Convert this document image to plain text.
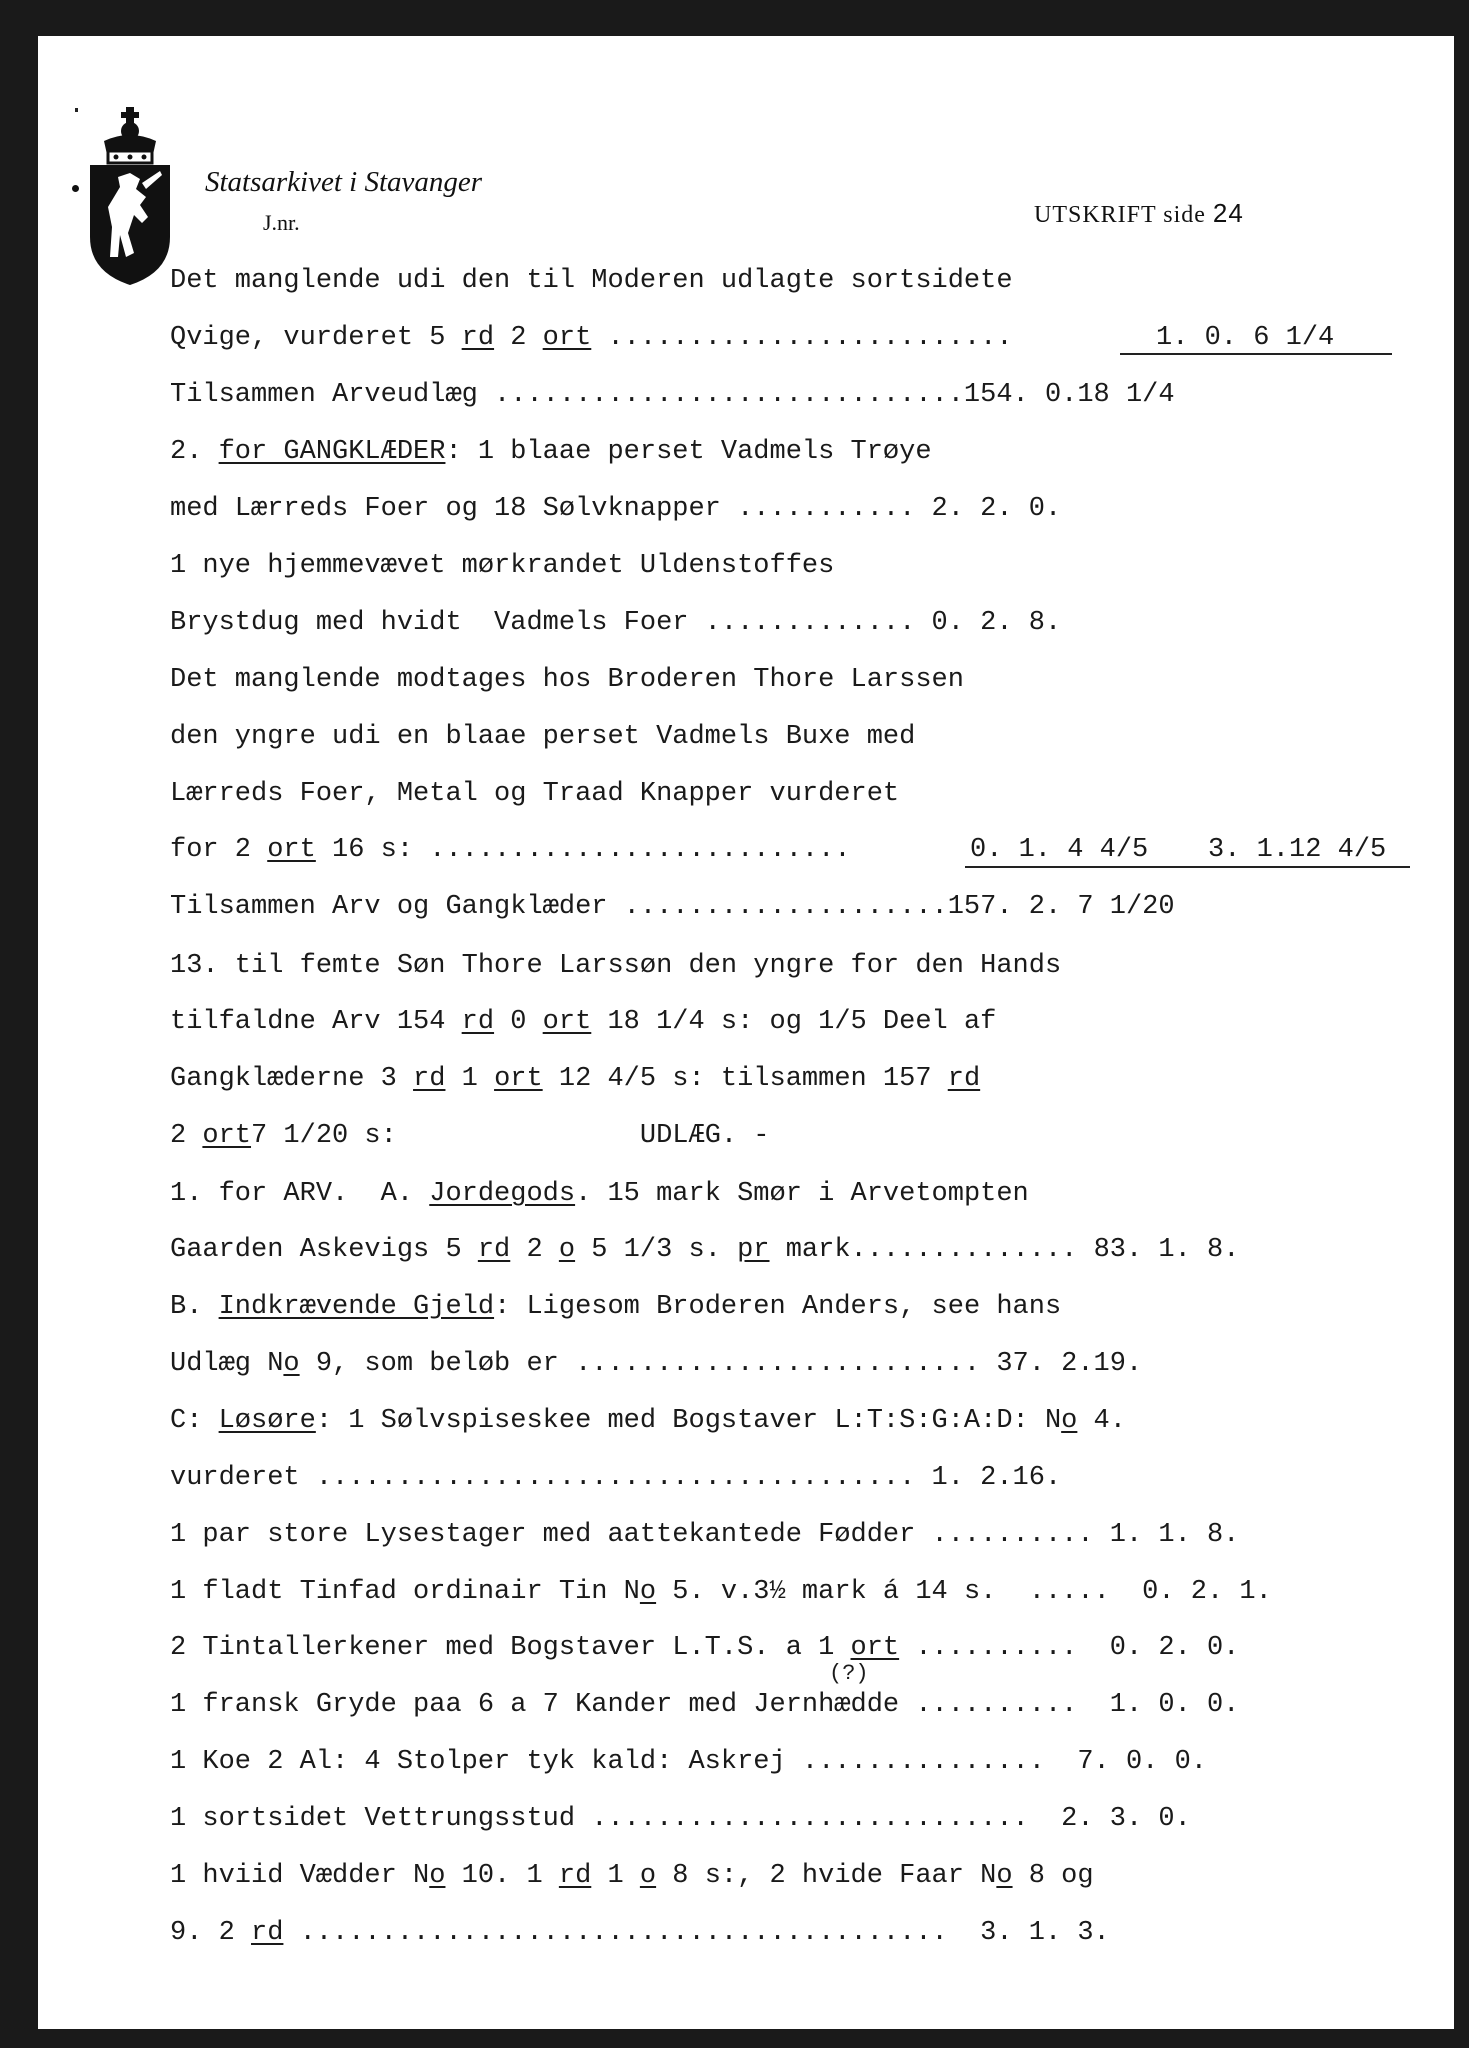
Statsarkivet i Stavanger
J.nr.	UTSKRIFT side 24
Det manglende udi den til Moderen udlagte sortsidete
Qvige, vurderet 5 rd 2 ort .........................	1. 0. 6 1/4
Tilsammen Arveudlæg .............................154. 0.18 1/4
2. for GANGKLÆDER: 1 blaae perset Vadmels Trøye
med Lærreds Foer og 18 Sølvknapper ........... 2. 2. 0.
1 nye hjemmevævet mørkrandet Uldenstoffes
Brystdug med hvidt  Vadmels Foer ............. 0. 2. 8.
Det manglende modtages hos Broderen Thore Larssen
den yngre udi en blaae perset Vadmels Buxe med
Lærreds Foer, Metal og Traad Knapper vurderet
for 2 ort 16 s: ..........................	0. 1. 4 4/5 3. 1.12 4/5
Tilsammen Arv og Gangklæder ....................157. 2. 7 1/20
13. til femte Søn Thore Larssøn den yngre for den Hands
tilfaldne Arv 154 rd 0 ort 18 1/4 s: og 1/5 Deel af
Gangklæderne 3 rd 1 ort 12 4/5 s: tilsammen 157 rd
2 ort7 1/20 s:               UDLÆG. -
1. for ARV.  A. Jordegods. 15 mark Smør i Arvetompten
Gaarden Askevigs 5 rd 2 o 5 1/3 s. pr mark.............. 83. 1. 8.
B. Indkrævende Gjeld: Ligesom Broderen Anders, see hans
Udlæg No 9, som beløb er ......................... 37. 2.19.
C: Løsøre: 1 Sølvspiseskee med Bogstaver L:T:S:G:A:D: No 4.
vurderet ..................................... 1. 2.16.
1 par store Lysestager med aattekantede Fødder .......... 1. 1. 8.
1 fladt Tinfad ordinair Tin No 5. v.3½ mark á 14 s.  .....  0. 2. 1.
2 Tintallerkener med Bogstaver L.T.S. a 1 ort ..........  0. 2. 0.
(?)
1 fransk Gryde paa 6 a 7 Kander med Jernhædde ..........  1. 0. 0.
1 Koe 2 Al: 4 Stolper tyk kald: Askrej ...............  7. 0. 0.
1 sortsidet Vettrungsstud ...........................  2. 3. 0.
1 hviid Vædder No 10. 1 rd 1 o 8 s:, 2 hvide Faar No 8 og
9. 2 rd ........................................  3. 1. 3.
